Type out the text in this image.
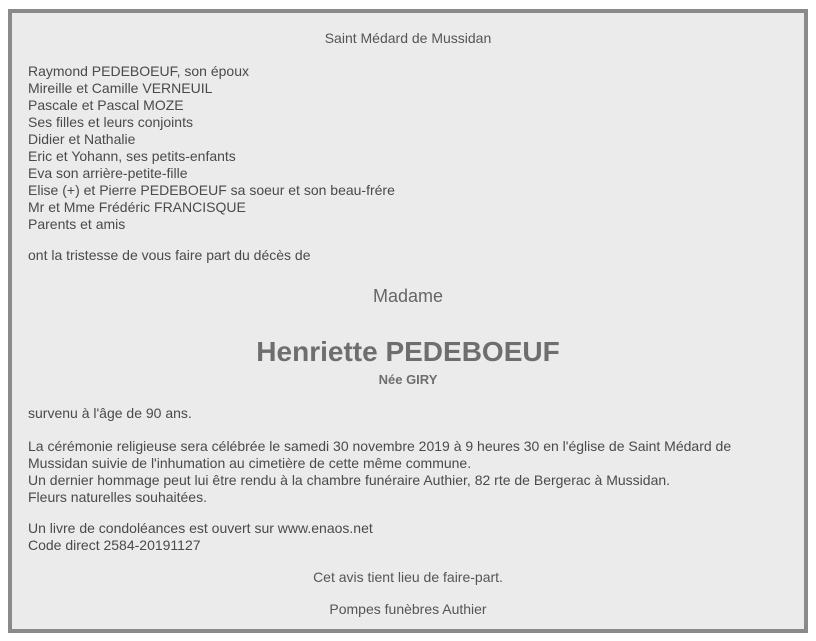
Saint Médard de Mussidan
Raymond PEDEBOEUF, son époux
Mireille et Camille VERNEUIL
Pascale et Pascal MOZE
Ses filles et leurs conjoints
Didier et Nathalie
Eric et Yohann, ses petits-enfants
Eva son arrière-petite-fille
Elise (+) et Pierre PEDEBOEUF sa soeur et son beau-frére
Mr et Mme Frédéric FRANCISQUE
Parents et amis
ont la tristesse de vous faire part du décès de
Madame
Henriette PEDEBOEUF
Née GIRY
survenu à l'âge de 90 ans.
La cérémonie religieuse sera célébrée le samedi 30 novembre 2019 à 9 heures 30 en l'église de Saint Médard de
Mussidan suivie de l'inhumation au cimetière de cette même commune.
Un dernier hommage peut lui être rendu à la chambre funéraire Authier, 82 rte de Bergerac à Mussidan.
Fleurs naturelles souhaitées.
Un livre de condoléances est ouvert sur www.enaos.net
Code direct 2584-20191127
Cet avis tient lieu de faire-part.
Pompes funèbres Authier
